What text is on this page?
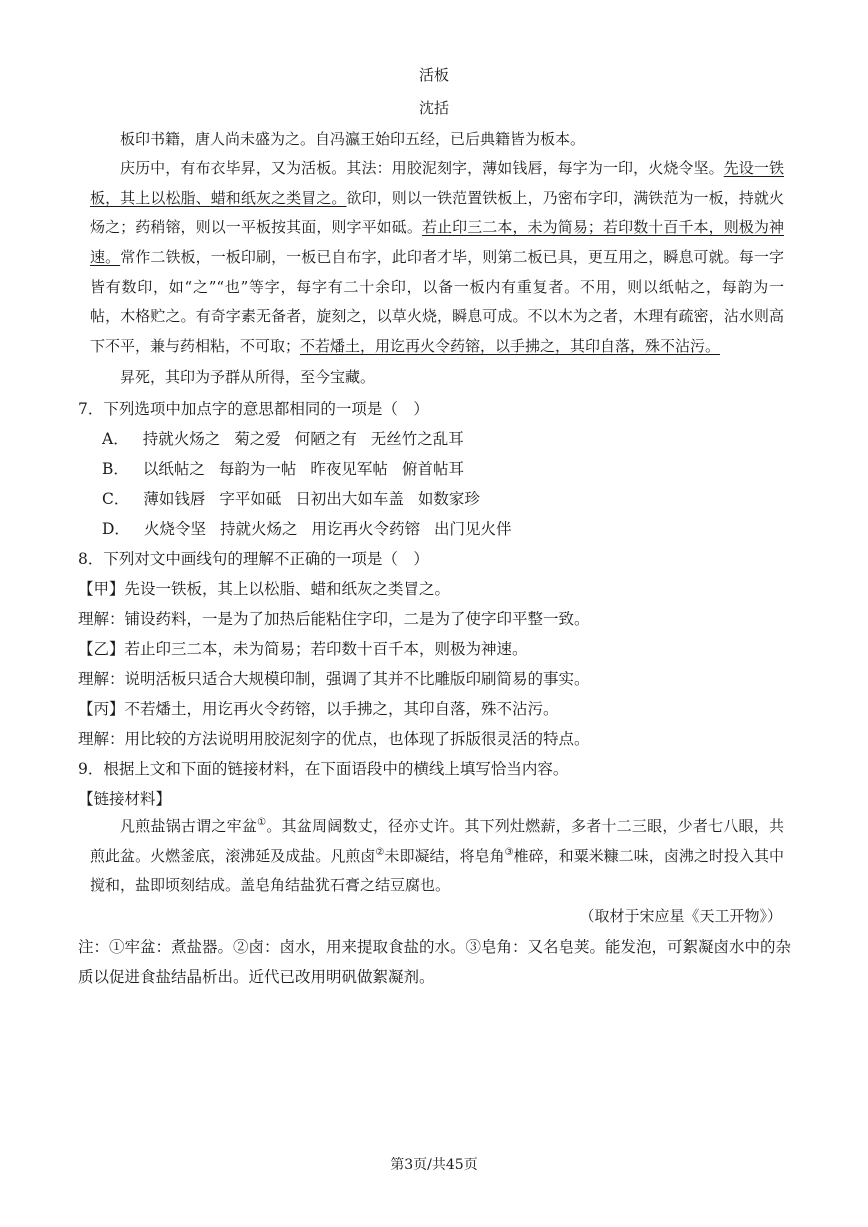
活板
沈括
板印书籍，唐人尚未盛为之。自冯瀛王始印五经，已后典籍皆为板本。
庆历中，有布衣毕昇，又为活板。其法：用胶泥刻字，薄如钱唇，每字为一印，火烧令坚。先设一铁
板，其上以松脂、蜡和纸灰之类冒之。欲印，则以一铁范置铁板上，乃密布字印，满铁范为一板，持就火
炀之；药稍镕，则以一平板按其面，则字平如砥。若止印三二本，未为简易；若印数十百千本，则极为神
速。常作二铁板，一板印刷，一板已自布字，此印者才毕，则第二板已具，更互用之，瞬息可就。每一字
皆有数印，如“之”“也”等字，每字有二十余印，以备一板内有重复者。不用，则以纸帖之，每韵为一
帖，木格贮之。有奇字素无备者，旋刻之，以草火烧，瞬息可成。不以木为之者，木理有疏密，沾水则高
下不平，兼与药相粘，不可取；不若燔土，用讫再火令药镕，以手拂之，其印自落，殊不沾污。
昇死，其印为予群从所得，至今宝藏。
7．下列选项中加点字的意思都相同的一项是（　）
A． 持就火炀之 菊之爱 何陋之有 无丝竹之乱耳
B． 以纸帖之 每韵为一帖 昨夜见军帖 俯首帖耳
C． 薄如钱唇 字平如砥 日初出大如车盖 如数家珍
D． 火烧令坚 持就火炀之 用讫再火令药镕 出门见火伴
8．下列对文中画线句的理解不正确的一项是（　）
【甲】先设一铁板，其上以松脂、蜡和纸灰之类冒之。
理解：铺设药料，一是为了加热后能粘住字印，二是为了使字印平整一致。
【乙】若止印三二本，未为简易；若印数十百千本，则极为神速。
理解：说明活板只适合大规模印制，强调了其并不比雕版印刷简易的事实。
【丙】不若燔土，用讫再火令药镕，以手拂之，其印自落，殊不沾污。
理解：用比较的方法说明用胶泥刻字的优点，也体现了拆版很灵活的特点。
9．根据上文和下面的链接材料，在下面语段中的横线上填写恰当内容。
【链接材料】
凡煎盐锅古谓之牢盆①。其盆周阔数丈，径亦丈许。其下列灶燃薪，多者十二三眼，少者七八眼，共
煎此盆。火燃釜底，滚沸延及成盐。凡煎卤②未即凝结，将皂角③椎碎，和粟米糠二味，卤沸之时投入其中
搅和，盐即顷刻结成。盖皂角结盐犹石膏之结豆腐也。
（取材于宋应星《天工开物》）
注：①牢盆：煮盐器。②卤：卤水，用来提取食盐的水。③皂角：又名皂荚。能发泡，可絮凝卤水中的杂
质以促进食盐结晶析出。近代已改用明矾做絮凝剂。
第3页/共45页
